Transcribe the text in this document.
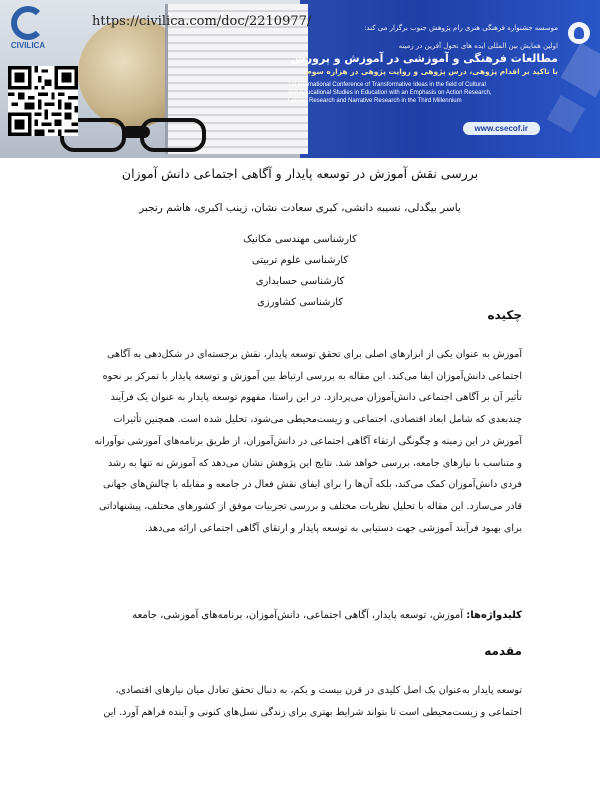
موسسه جشنواره فرهنگی هنری رام پژوهش جنوب برگزار می کند:
اولین همایش بین المللی ایده های تحول آفرین در زمینه
مطالعات فرهنگی و آموزشی در آموزش و پرورش
با تاکید بر اقدام پژوهی، درس پژوهی و روایت پژوهی در هزاره سوم
1st International Conference of Transformative Ideas in the field of Cultural
and Educational Studies in Education with an Emphasis on Action Research,
Lesson Research and Narrative Research in the Third Millennium
www.csecof.ir
CIVILICA
https://civilica.com/doc/2210977/
بررسی نقش آموزش در توسعه پایدار و آگاهی اجتماعی دانش آموزان
یاسر بیگدلی، نسیبه دانشی، کبری سعادت نشان، زینب اکبری، هاشم رنجبر
کارشناسی مهندسی مکانیک
کارشناسی علوم تربیتی
کارشناسی حسابداری
کارشناسی کشاورزی
چکیده
آموزش به عنوان یکی از ابزارهای اصلی برای تحقق توسعه پایدار، نقش برجسته‌ای در شکل‌دهی به آگاهی
اجتماعی دانش‌آموزان ایفا می‌کند. این مقاله به بررسی ارتباط بین آموزش و توسعه پایدار با تمرکز بر نحوه
تأثیر آن بر آگاهی اجتماعی دانش‌آموزان می‌پردازد. در این راستا، مفهوم توسعه پایدار به عنوان یک فرآیند
چندبعدی که شامل ابعاد اقتصادی، اجتماعی و زیست‌محیطی می‌شود، تحلیل شده است. همچنین تأثیرات
آموزش در این زمینه و چگونگی ارتقاء آگاهی اجتماعی در دانش‌آموزان، از طریق برنامه‌های آموزشی نوآورانه
و متناسب با نیازهای جامعه، بررسی خواهد شد. نتایج این پژوهش نشان می‌دهد که آموزش نه تنها به رشد
فردی دانش‌آموزان کمک می‌کند، بلکه آن‌ها را برای ایفای نقش فعال در جامعه و مقابله با چالش‌های جهانی
قادر می‌سازد. این مقاله با تحلیل نظریات مختلف و بررسی تجربیات موفق از کشورهای مختلف، پیشنهاداتی
برای بهبود فرآیند آموزشی جهت دستیابی به توسعه پایدار و ارتقای آگاهی اجتماعی ارائه می‌دهد.
کلیدواژه‌ها: آموزش، توسعه پایدار، آگاهی اجتماعی، دانش‌آموزان، برنامه‌های آموزشی، جامعه
مقدمه
توسعه پایدار به‌عنوان یک اصل کلیدی در قرن بیست و یکم، به دنبال تحقق تعادل میان نیازهای اقتصادی،
اجتماعی و زیست‌محیطی است تا بتواند شرایط بهتری برای زندگی نسل‌های کنونی و آینده فراهم آورد. این
